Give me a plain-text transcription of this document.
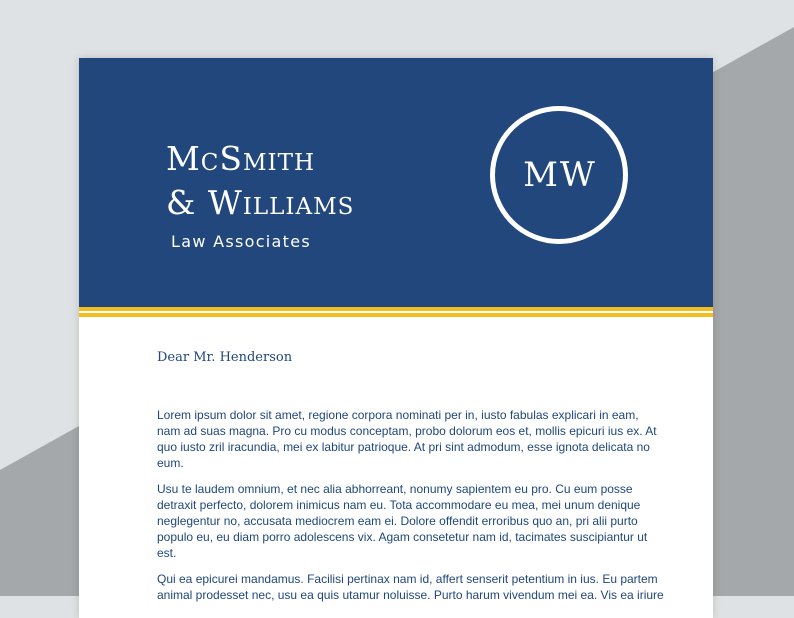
McSmith
& Williams
Law Associates
MW
Dear Mr. Henderson

Lorem ipsum dolor sit amet, regione corpora nominati per in, iusto fabulas explicari in eam,
nam ad suas magna. Pro cu modus conceptam, probo dolorum eos et, mollis epicuri ius ex. At
quo iusto zril iracundia, mei ex labitur patrioque. At pri sint admodum, esse ignota delicata no
eum.

Usu te laudem omnium, et nec alia abhorreant, nonumy sapientem eu pro. Cu eum posse
detraxit perfecto, dolorem inimicus nam eu. Tota accommodare eu mea, mei unum denique
neglegentur no, accusata mediocrem eam ei. Dolore offendit erroribus quo an, pri alii purto
populo eu, eu diam porro adolescens vix. Agam consetetur nam id, tacimates suscipiantur ut
est.

Qui ea epicurei mandamus. Facilisi pertinax nam id, affert senserit petentium in ius. Eu partem
animal prodesset nec, usu ea quis utamur noluisse. Purto harum vivendum mei ea. Vis ea iriure
